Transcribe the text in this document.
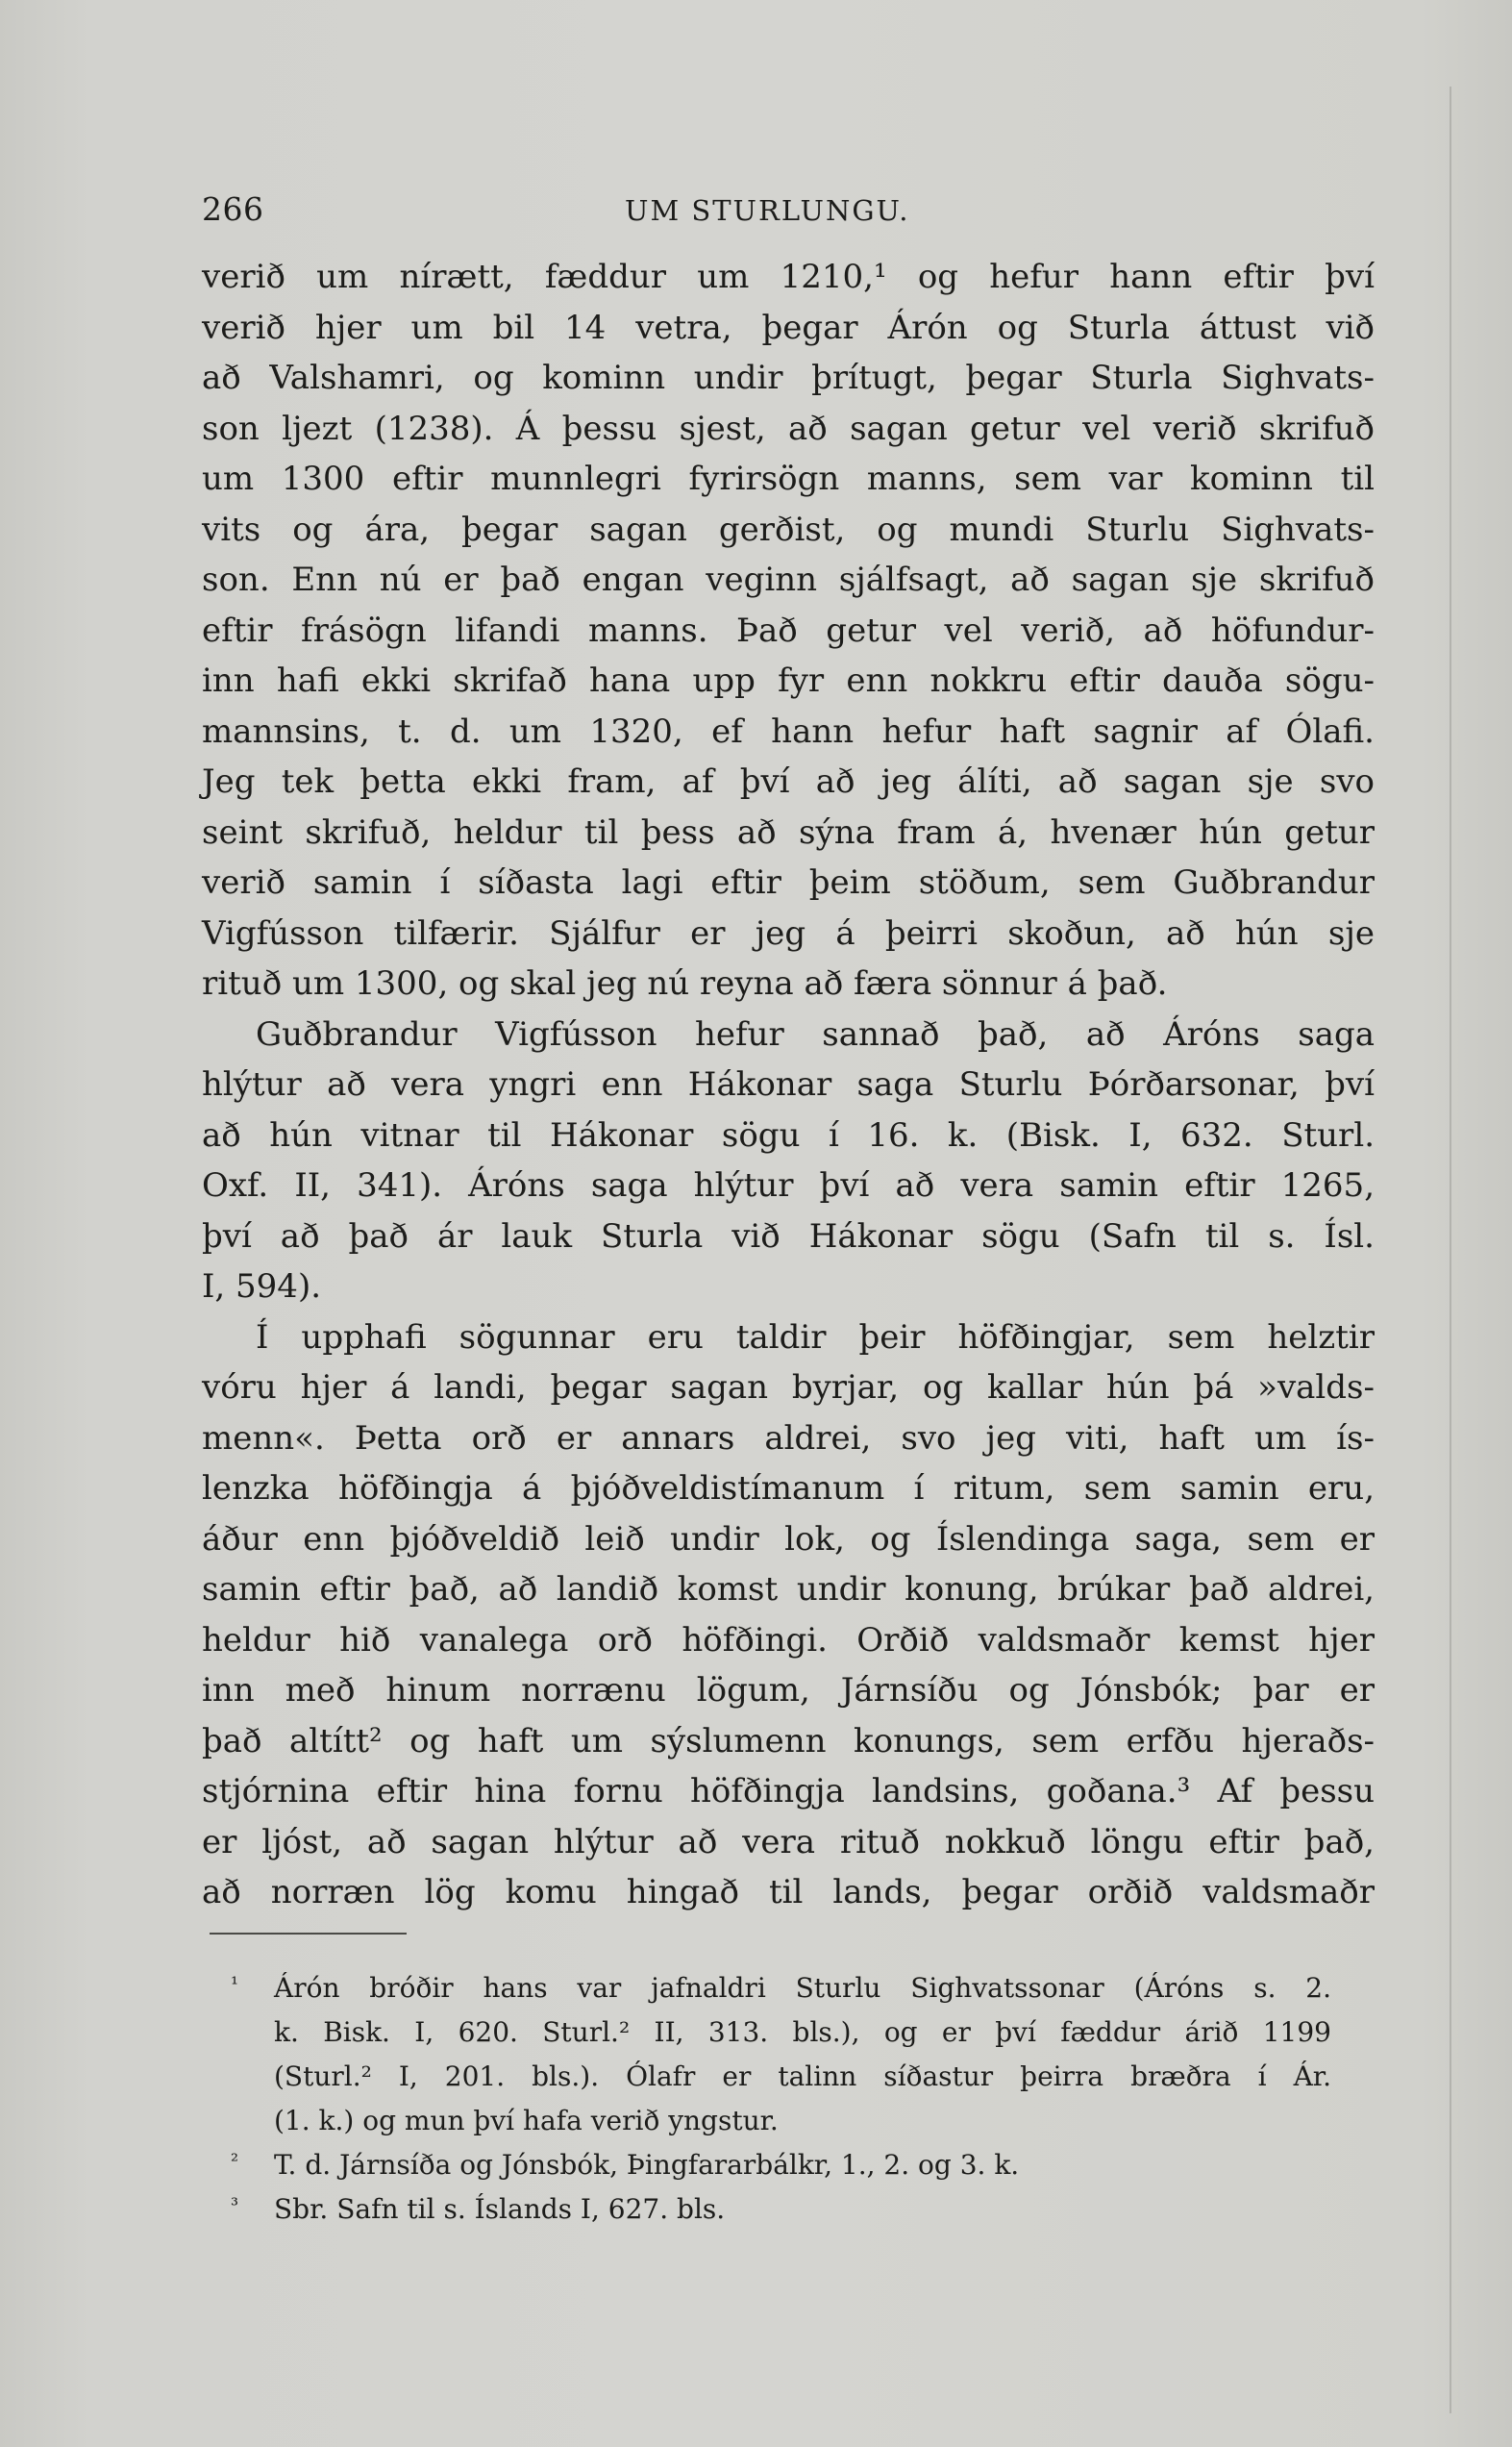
266	UM STURLUNGU.
verið um nírætt, fæddur um 1210,¹ og hefur hann eftir því
verið hjer um bil 14 vetra, þegar Árón og Sturla áttust við
að Valshamri, og kominn undir þrítugt, þegar Sturla Sighvats-
son ljezt (1238). Á þessu sjest, að sagan getur vel verið skrifuð
um 1300 eftir munnlegri fyrirsögn manns, sem var kominn til
vits og ára, þegar sagan gerðist, og mundi Sturlu Sighvats-
son. Enn nú er það engan veginn sjálfsagt, að sagan sje skrifuð
eftir frásögn lifandi manns. Það getur vel verið, að höfundur-
inn hafi ekki skrifað hana upp fyr enn nokkru eftir dauða sögu-
mannsins, t. d. um 1320, ef hann hefur haft sagnir af Ólafi.
Jeg tek þetta ekki fram, af því að jeg álíti, að sagan sje svo
seint skrifuð, heldur til þess að sýna fram á, hvenær hún getur
verið samin í síðasta lagi eftir þeim stöðum, sem Guðbrandur
Vigfússon tilfærir. Sjálfur er jeg á þeirri skoðun, að hún sje
rituð um 1300, og skal jeg nú reyna að færa sönnur á það.
Guðbrandur Vigfússon hefur sannað það, að Áróns saga
hlýtur að vera yngri enn Hákonar saga Sturlu Þórðarsonar, því
að hún vitnar til Hákonar sögu í 16. k. (Bisk. I, 632. Sturl.
Oxf. II, 341). Áróns saga hlýtur því að vera samin eftir 1265,
því að það ár lauk Sturla við Hákonar sögu (Safn til s. Ísl.
I, 594).
Í upphafi sögunnar eru taldir þeir höfðingjar, sem helztir
vóru hjer á landi, þegar sagan byrjar, og kallar hún þá »valds-
menn«. Þetta orð er annars aldrei, svo jeg viti, haft um ís-
lenzka höfðingja á þjóðveldistímanum í ritum, sem samin eru,
áður enn þjóðveldið leið undir lok, og Íslendinga saga, sem er
samin eftir það, að landið komst undir konung, brúkar það aldrei,
heldur hið vanalega orð höfðingi. Orðið valdsmaðr kemst hjer
inn með hinum norrænu lögum, Járnsíðu og Jónsbók; þar er
það altítt² og haft um sýslumenn konungs, sem erfðu hjeraðs-
stjórnina eftir hina fornu höfðingja landsins, goðana.³ Af þessu
er ljóst, að sagan hlýtur að vera rituð nokkuð löngu eftir það,
að norræn lög komu hingað til lands, þegar orðið valdsmaðr
¹ Árón bróðir hans var jafnaldri Sturlu Sighvatssonar (Áróns s. 2.
k. Bisk. I, 620. Sturl.² II, 313. bls.), og er því fæddur árið 1199
(Sturl.² I, 201. bls.). Ólafr er talinn síðastur þeirra bræðra í Ár.
(1. k.) og mun því hafa verið yngstur.
² T. d. Járnsíða og Jónsbók, Þingfararbálkr, 1., 2. og 3. k.
³ Sbr. Safn til s. Íslands I, 627. bls.
